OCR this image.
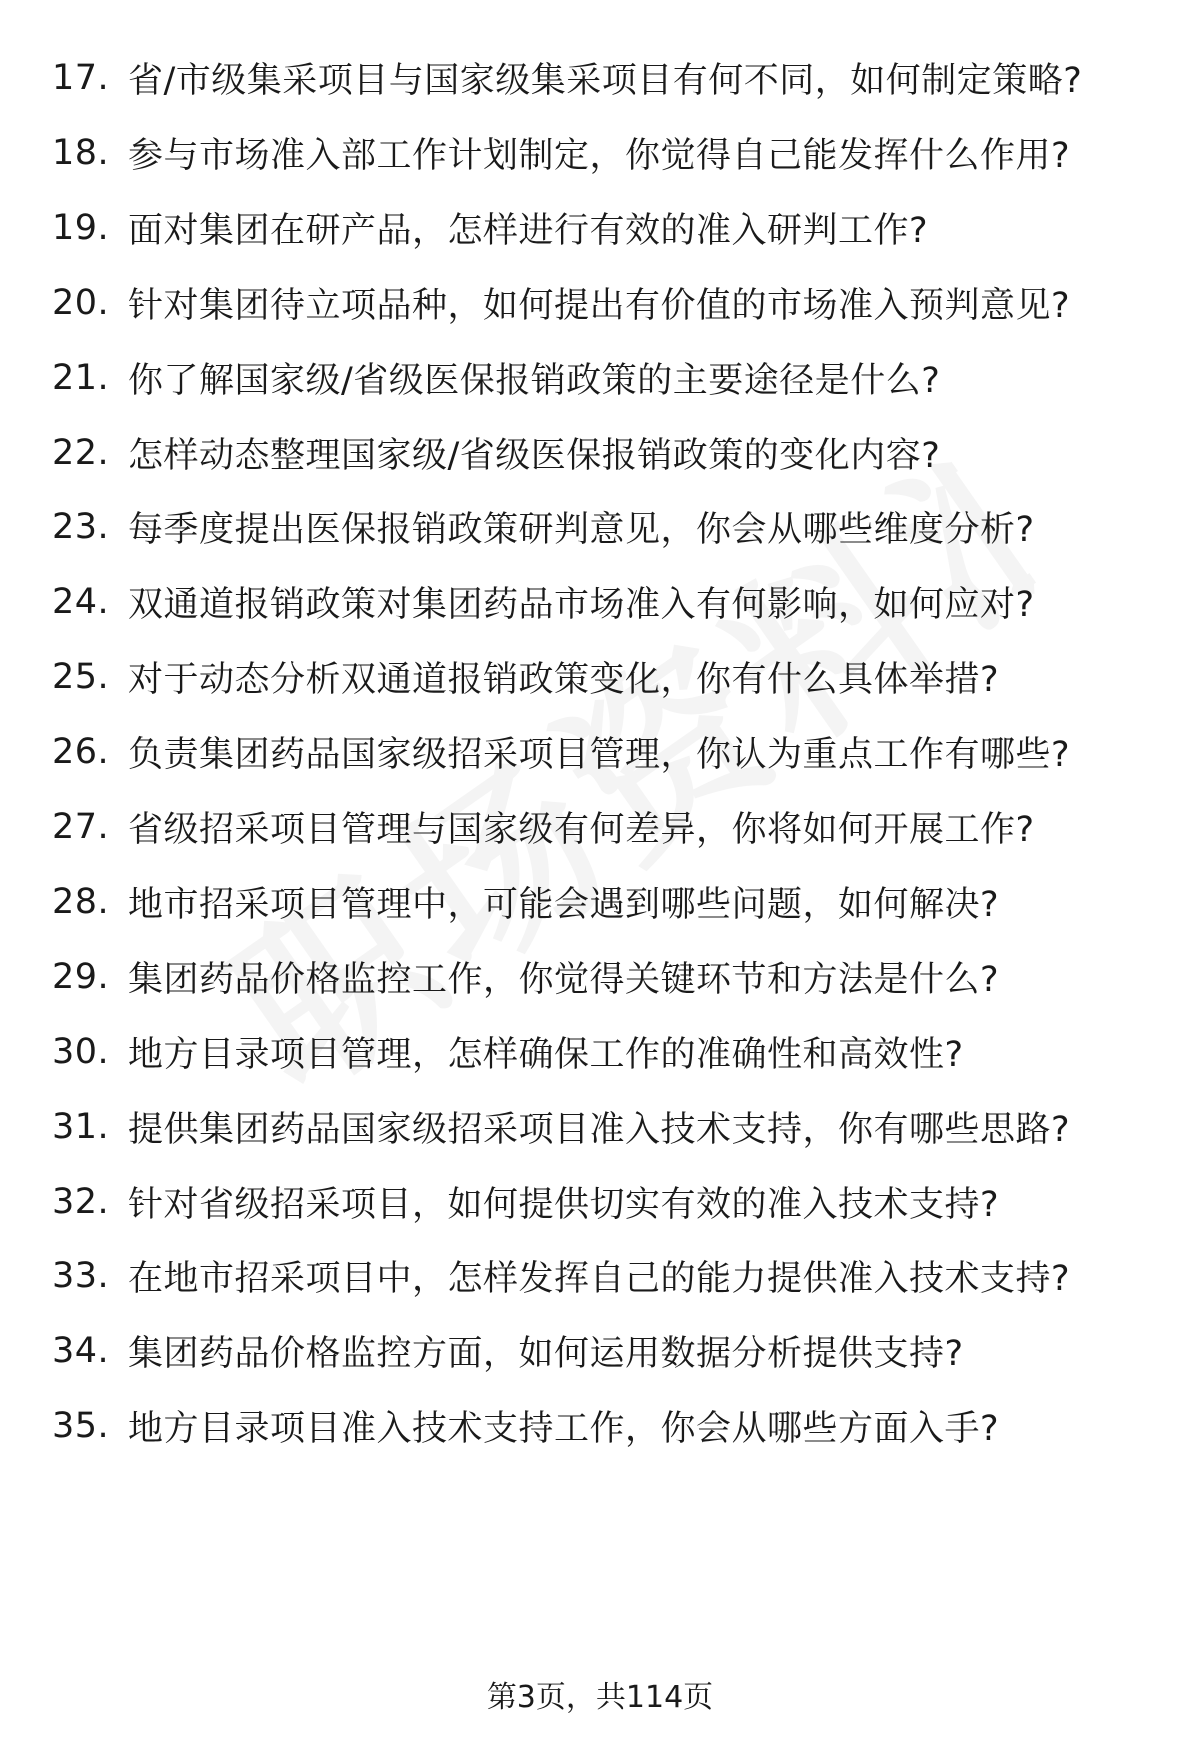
17. 省/市级集采项目与国家级集采项目有何不同，如何制定策略?
18. 参与市场准入部工作计划制定，你觉得自己能发挥什么作用?
19. 面对集团在研产品，怎样进行有效的准入研判工作?
20. 针对集团待立项品种，如何提出有价值的市场准入预判意见?
21. 你了解国家级/省级医保报销政策的主要途径是什么?
22. 怎样动态整理国家级/省级医保报销政策的变化内容?
23. 每季度提出医保报销政策研判意见，你会从哪些维度分析?
24. 双通道报销政策对集团药品市场准入有何影响，如何应对?
25. 对于动态分析双通道报销政策变化，你有什么具体举措?
26. 负责集团药品国家级招采项目管理，你认为重点工作有哪些?
27. 省级招采项目管理与国家级有何差异，你将如何开展工作?
28. 地市招采项目管理中，可能会遇到哪些问题，如何解决?
29. 集团药品价格监控工作，你觉得关键环节和方法是什么?
30. 地方目录项目管理，怎样确保工作的准确性和高效性?
31. 提供集团药品国家级招采项目准入技术支持，你有哪些思路?
32. 针对省级招采项目，如何提供切实有效的准入技术支持?
33. 在地市招采项目中，怎样发挥自己的能力提供准入技术支持?
34. 集团药品价格监控方面，如何运用数据分析提供支持?
35. 地方目录项目准入技术支持工作，你会从哪些方面入手?
第3页，共114页
